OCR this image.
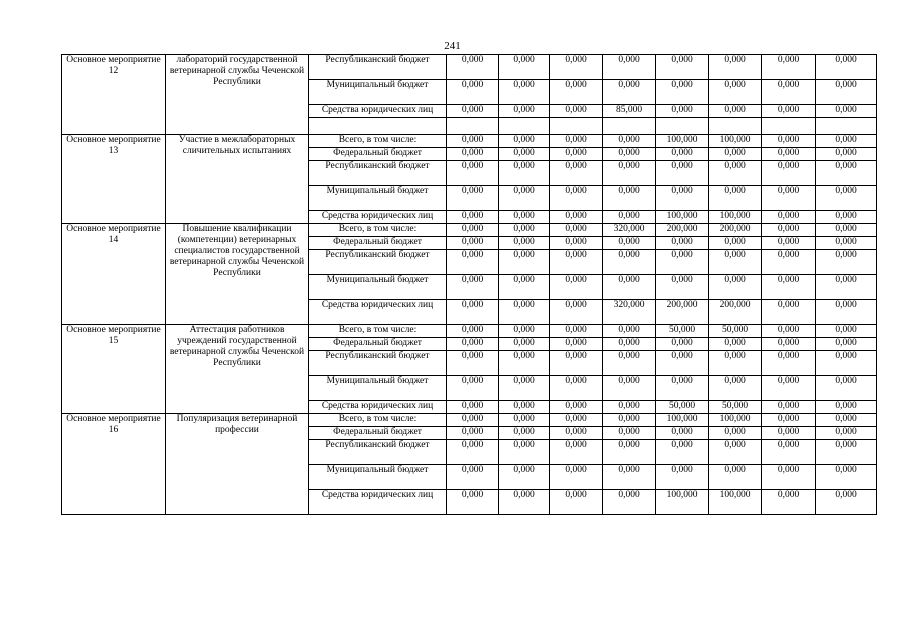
241
Основное мероприятие 12	лабораторий государственной ветеринарной службы Чеченской Республики	Республиканский бюджет	0,000	0,000	0,000	0,000	0,000	0,000	0,000	0,000
		Муниципальный бюджет	0,000	0,000	0,000	0,000	0,000	0,000	0,000	0,000
		Средства юридических лиц	0,000	0,000	0,000	85,000	0,000	0,000	0,000	0,000

Основное мероприятие 13	Участие в межлабораторных сличительных испытаниях	Всего, в том числе:	0,000	0,000	0,000	0,000	100,000	100,000	0,000	0,000
		Федеральный бюджет	0,000	0,000	0,000	0,000	0,000	0,000	0,000	0,000
		Республиканский бюджет	0,000	0,000	0,000	0,000	0,000	0,000	0,000	0,000
		Муниципальный бюджет	0,000	0,000	0,000	0,000	0,000	0,000	0,000	0,000
		Средства юридических лиц	0,000	0,000	0,000	0,000	100,000	100,000	0,000	0,000
Основное мероприятие 14	Повышение квалификации (компетенции) ветеринарных специалистов государственной ветеринарной службы Чеченской Республики	Всего, в том числе:	0,000	0,000	0,000	320,000	200,000	200,000	0,000	0,000
		Федеральный бюджет	0,000	0,000	0,000	0,000	0,000	0,000	0,000	0,000
		Республиканский бюджет	0,000	0,000	0,000	0,000	0,000	0,000	0,000	0,000
		Муниципальный бюджет	0,000	0,000	0,000	0,000	0,000	0,000	0,000	0,000
		Средства юридических лиц	0,000	0,000	0,000	320,000	200,000	200,000	0,000	0,000
Основное мероприятие 15	Аттестация работников учреждений государственной ветеринарной службы Чеченской Республики	Всего, в том числе:	0,000	0,000	0,000	0,000	50,000	50,000	0,000	0,000
		Федеральный бюджет	0,000	0,000	0,000	0,000	0,000	0,000	0,000	0,000
		Республиканский бюджет	0,000	0,000	0,000	0,000	0,000	0,000	0,000	0,000
		Муниципальный бюджет	0,000	0,000	0,000	0,000	0,000	0,000	0,000	0,000
		Средства юридических лиц	0,000	0,000	0,000	0,000	50,000	50,000	0,000	0,000
Основное мероприятие 16	Популяризация ветеринарной профессии	Всего, в том числе:	0,000	0,000	0,000	0,000	100,000	100,000	0,000	0,000
		Федеральный бюджет	0,000	0,000	0,000	0,000	0,000	0,000	0,000	0,000
		Республиканский бюджет	0,000	0,000	0,000	0,000	0,000	0,000	0,000	0,000
		Муниципальный бюджет	0,000	0,000	0,000	0,000	0,000	0,000	0,000	0,000
		Средства юридических лиц	0,000	0,000	0,000	0,000	100,000	100,000	0,000	0,000
